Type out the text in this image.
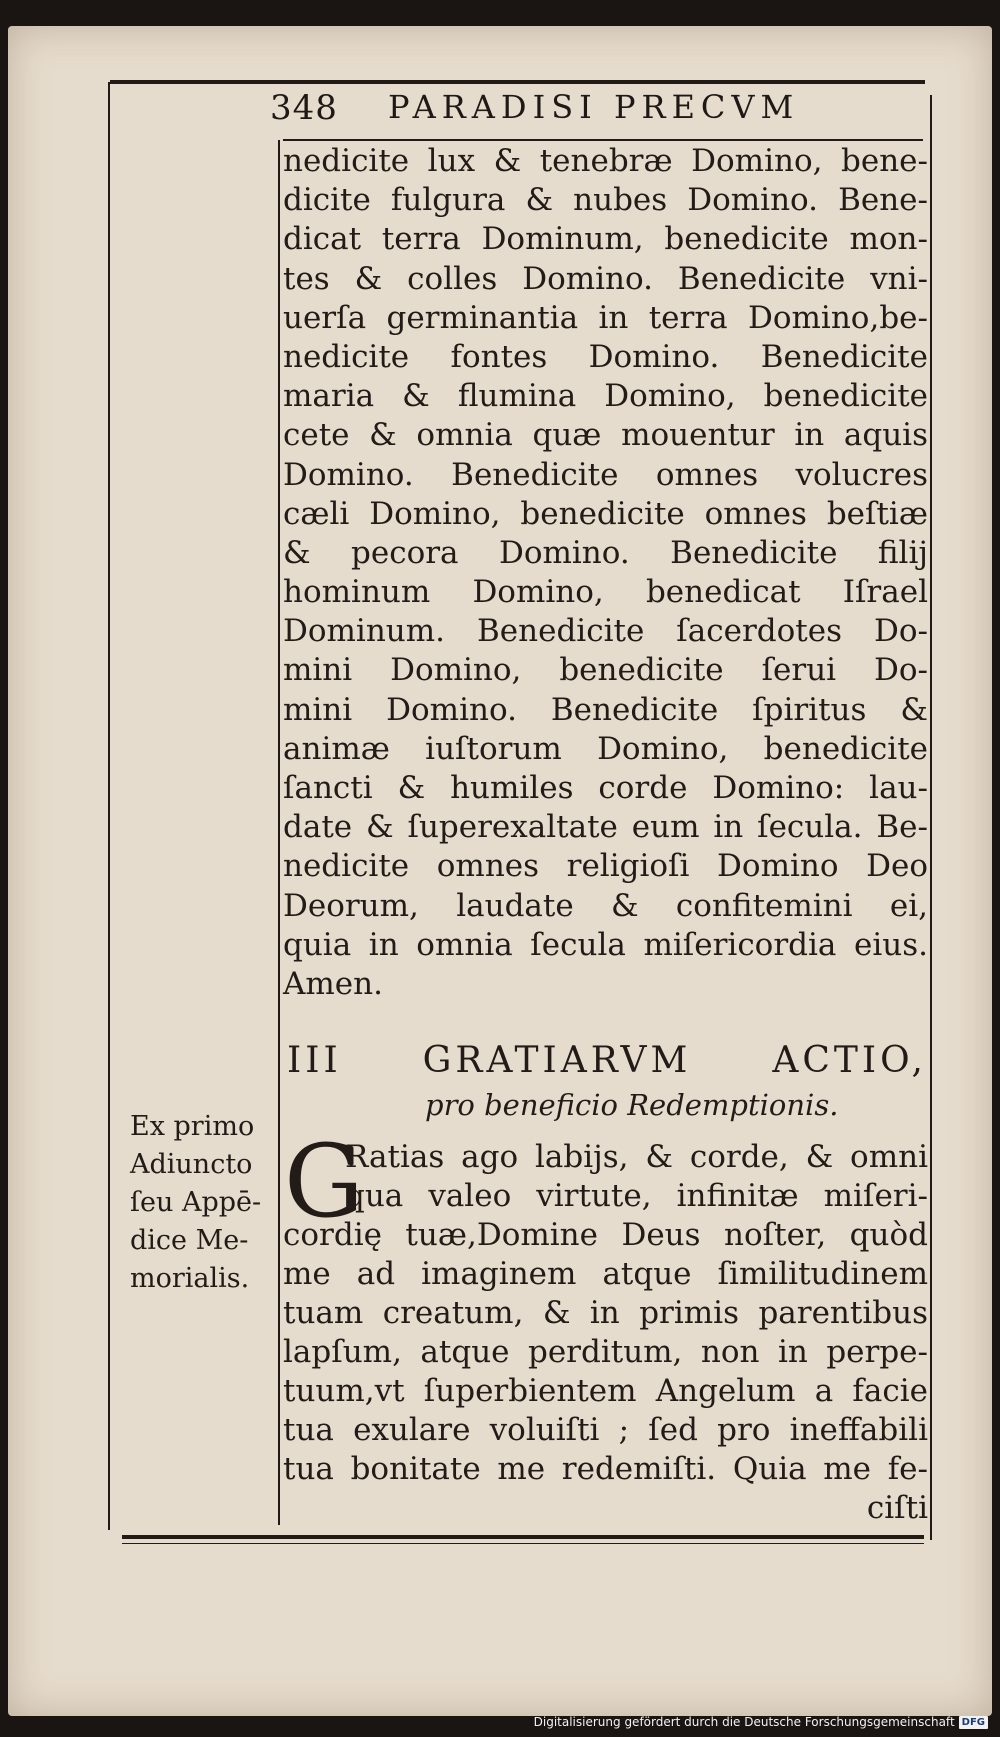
348 PARADISI PRECVM
nedicite lux & tenebræ Domino, bene-
dicite fulgura & nubes Domino. Bene-
dicat terra Dominum, benedicite mon-
tes & colles Domino. Benedicite vni-
uerſa germinantia in terra Domino,be-
nedicite fontes Domino. Benedicite
maria & flumina Domino, benedicite
cete & omnia quæ mouentur in aquis
Domino. Benedicite omnes volucres
cæli Domino, benedicite omnes beſtiæ
& pecora Domino. Benedicite filij
hominum Domino, benedicat Iſrael
Dominum. Benedicite ſacerdotes Do-
mini Domino, benedicite ſerui Do-
mini Domino. Benedicite ſpiritus &
animæ iuſtorum Domino, benedicite
ſancti & humiles corde Domino: lau-
date & ſuperexaltate eum in ſecula. Be-
nedicite omnes religioſi Domino Deo
Deorum, laudate & confitemini ei,
quia in omnia ſecula miſericordia eius.
Amen.
III GRATIARVM ACTIO,
pro beneficio Redemptionis.
Ex primo
Adiuncto
ſeu Appē-
dice Me-
morialis.
G
Ratias ago labijs, & corde, & omni
qua valeo virtute, infinitæ miſeri-
cordię tuæ,Domine Deus noſter, quòd
me ad imaginem atque ſimilitudinem
tuam creatum, & in primis parentibus
lapſum, atque perditum, non in perpe-
tuum,vt ſuperbientem Angelum a facie
tua exulare voluiſti ; ſed pro ineffabili
tua bonitate me redemiſti. Quia me fe-
ciſti
Digitalisierung gefördert durch die Deutsche Forschungsgemeinschaft DFG
